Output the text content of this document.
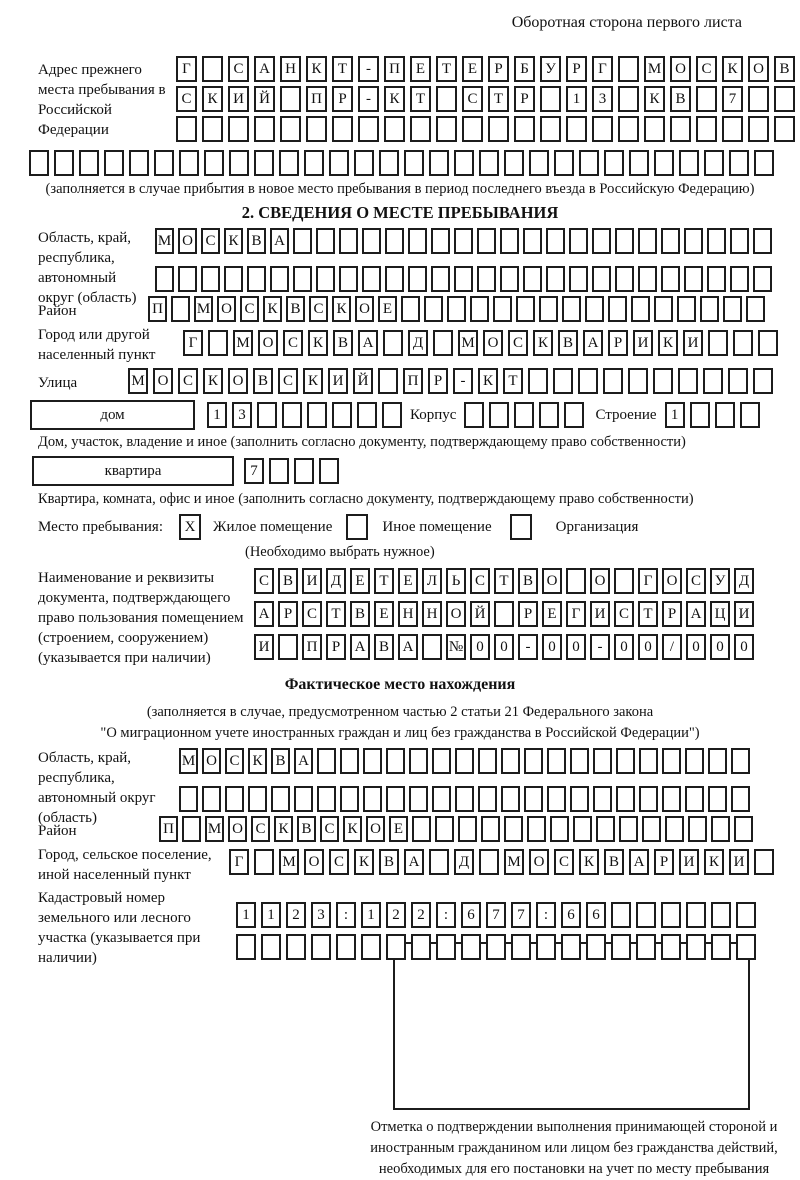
Оборотная сторона первого листа
Адрес прежнего места пребывания в Российской Федерации
Г	С	А	Н	К	Т	-	П	Е	Т	Е	Р	Б	У	Р	Г	М О	С	К	О	В
С	К	И	Й	П	Р	-	К	Т	С	Т	Р	1	3	К	В	7
(заполняется в случае прибытия в новое место пребывания в период последнего въезда в Российскую Федерацию)
2. СВЕДЕНИЯ О МЕСТЕ ПРЕБЫВАНИЯ
Область, край, республика, автономный округ (область)
М О С К В А
Район	П М О С К В С К О Е
Город или другой населенный пункт
Г	М О С К В А	Д	М О С К В А	Р	И К И
Улица	М О С К О В С К И Й	П	Р	-	К	Т
дом	1	3	Корпус	Строение 1
Дом, участок, владение и иное (заполнить согласно документу, подтверждающему право собственности)
квартира	7
Квартира, комната, офис и иное (заполнить согласно документу, подтверждающему право собственности)
Место пребывания:	X	Жилое помещение	Иное помещение	Организация
(Необходимо выбрать нужное)
Наименование и реквизиты документа, подтверждающего право пользования помещением (строением, сооружением) (указывается при наличии)
С В И Д Е Т Е Л Ь С Т В О	О	Г О С У Д
А Р С Т В Е Н Н О Й	Р	Е	Г И С Т	Р А Ц И
И	П Р А В А	№ 0	0	-	0	0	-	0	0	/	0	0	0
Фактическое место нахождения
(заполняется в случае, предусмотренном частью 2 статьи 21 Федерального закона
"О миграционном учете иностранных граждан и лиц без гражданства в Российской Федерации")
Область, край, республика, автономный округ (область)
М О С К В А
Район	П М О С К В С К О Е
Город, сельское поселение, иной населенный пункт
Г	М О С К В А	Д	М О С К В А	Р	И К И
Кадастровый номер земельного или лесного участка (указывается при наличии)
1	1	2	3	:	1	2	2	:	6	7	7	:	6	6
Отметка о подтверждении выполнения принимающей стороной и иностранным гражданином или лицом без гражданства действий, необходимых для его постановки на учет по месту пребывания
